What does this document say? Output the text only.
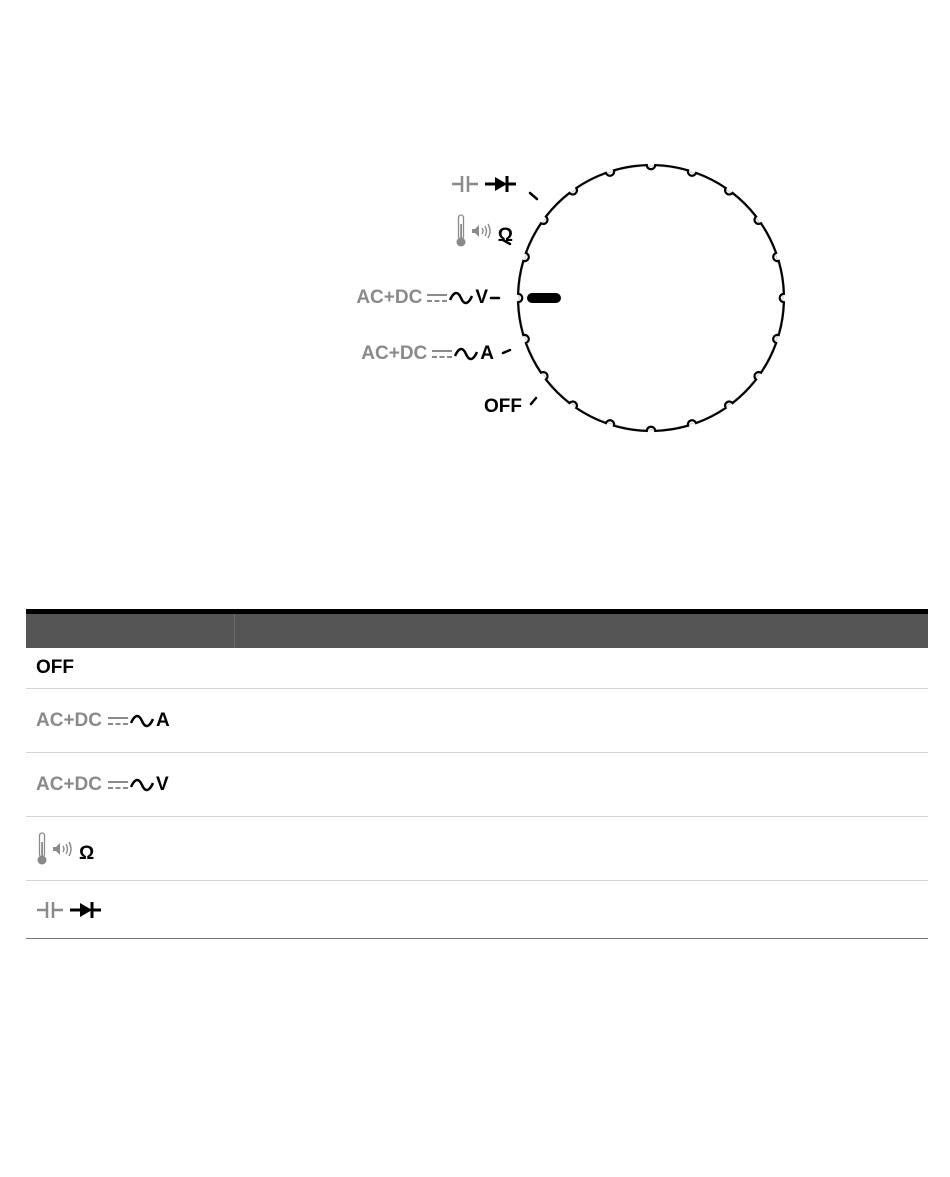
Ω
AC+DC	V
AC+DC	A
OFF

OFF	

AC+DC A	

AC+DC V	

Ω	
